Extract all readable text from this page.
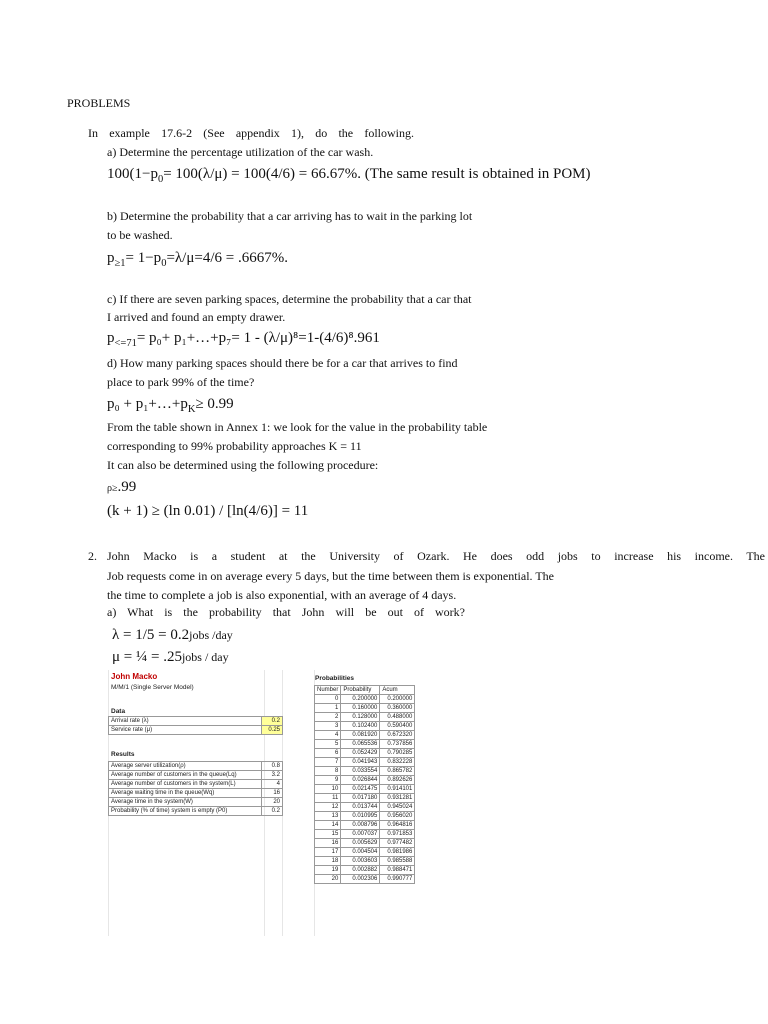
PROBLEMS
In example 17.6-2 (See appendix 1), do the following.
a) Determine the percentage utilization of the car wash.
$100(1-p_0= 100(\lambda/\mu) = 100(4/6) = 66.67\%$. (The same result is obtained in POM)
b) Determine the probability that a car arriving has to wait in the parking lot
to be washed.
$p_{\ge 1}= 1-p_0=\lambda/\mu=4/6 = .6667\%$.
c) If there are seven parking spaces, determine the probability that a car that
I arrived and found an empty drawer.
$p_{<=71}= p_0+$ p₁+…+p₇= 1 - (λ/μ)⁸=1-(4/6)⁸.961
d) How many parking spaces should there be for a car that arrives to find
place to park 99% of the time?
$p_0 + p_1+\dots+p_K\ge 0.99$
From the table shown in Annex 1: we look for the value in the probability table
corresponding to 99% probability approaches K = 11
It can also be determined using the following procedure:
ρ≥.99
(k + 1) ≥ (ln 0.01) / [ln(4/6)] = 11
2. John Macko is a student at the University of Ozark. He does odd jobs to increase his income. The
Job requests come in on average every 5 days, but the time between them is exponential. The
the time to complete a job is also exponential, with an average of 4 days.
a) What is the probability that John will be out of work?
λ = 1/5 = 0.2jobs /day
μ = ¼ = .25jobs / day
John Macko
M/M/1 (Single Server Model)
Data
Arrival rate (λ)	0.2
Service rate (μ)	0.25
Results
Average server utilization(ρ)	0.8
Average number of customers in the queue(Lq)	3.2
Average number of customers in the system(L)	4
Average waiting time in the queue(Wq)	16
Average time in the system(W)	20
Probability (% of time) system is empty (P0)	0.2
Probabilities
Number	Probability	Acum
0	0.200000	0.200000
1	0.160000	0.360000
2	0.128000	0.488000
3	0.102400	0.590400
4	0.081920	0.672320
5	0.065536	0.737856
6	0.052429	0.790285
7	0.041943	0.832228
8	0.033554	0.865782
9	0.026844	0.892626
10	0.021475	0.914101
11	0.017180	0.931281
12	0.013744	0.945024
13	0.010995	0.956020
14	0.008796	0.964816
15	0.007037	0.971853
16	0.005629	0.977482
17	0.004504	0.981986
18	0.003603	0.985588
19	0.002882	0.988471
20	0.002306	0.990777
